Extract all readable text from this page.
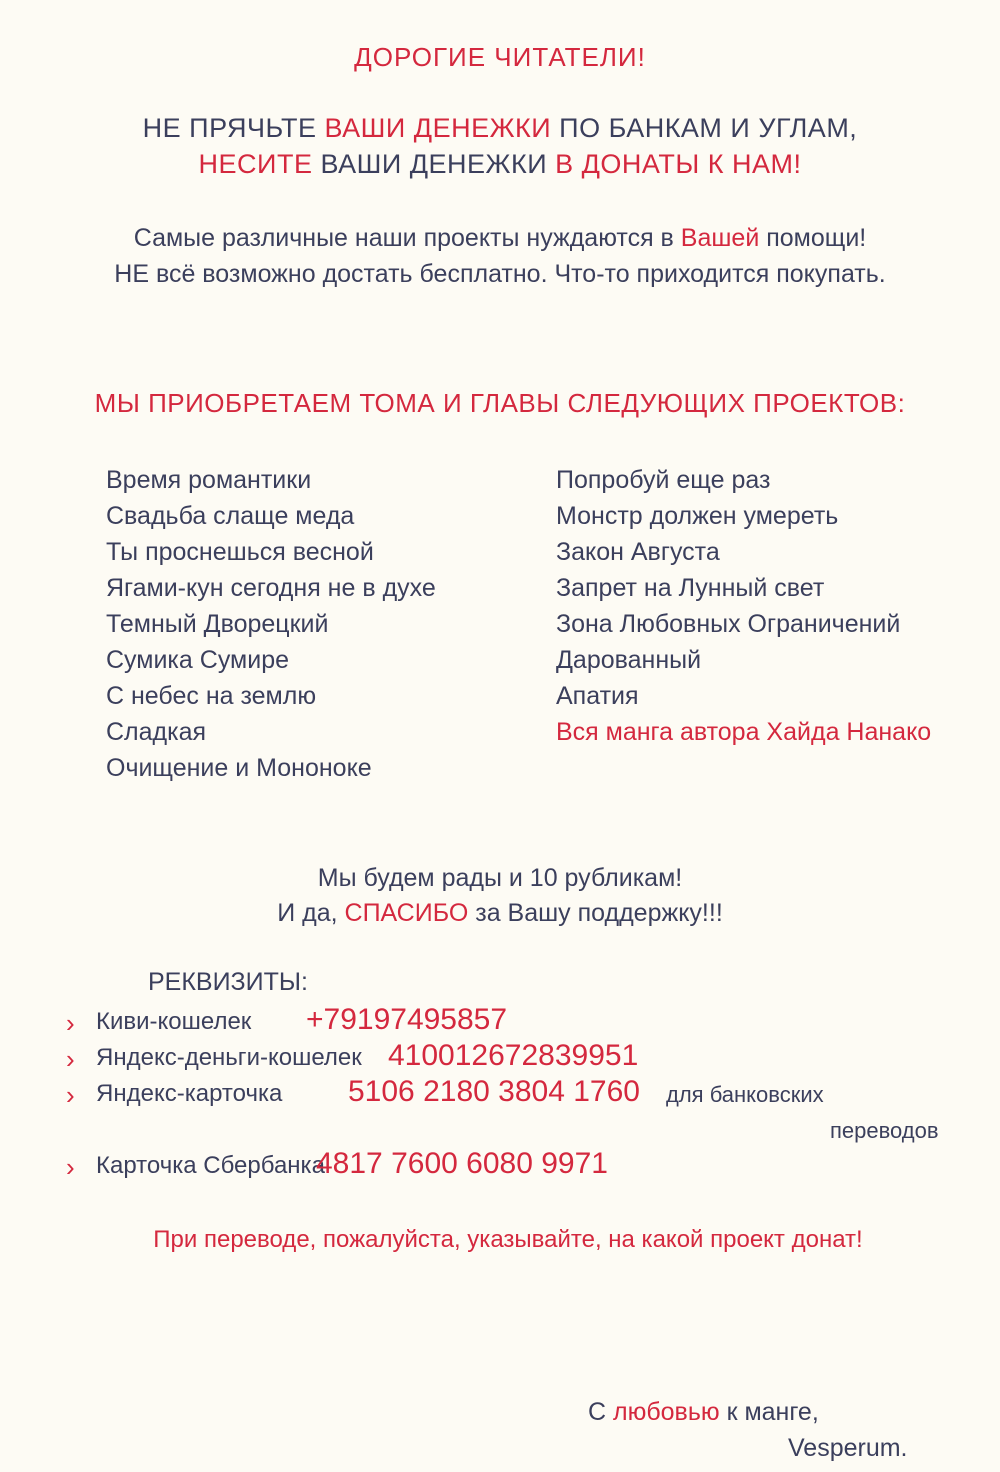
ДОРОГИЕ ЧИТАТЕЛИ!
НЕ ПРЯЧЬТЕ ВАШИ ДЕНЕЖКИ ПО БАНКАМ И УГЛАМ,
НЕСИТЕ ВАШИ ДЕНЕЖКИ В ДОНАТЫ К НАМ!
Самые различные наши проекты нуждаются в Вашей помощи!
НЕ всё возможно достать бесплатно. Что-то приходится покупать.
МЫ ПРИОБРЕТАЕМ ТОМА И ГЛАВЫ СЛЕДУЮЩИХ ПРОЕКТОВ:
Время романтики
Свадьба слаще меда
Ты проснешься весной
Ягами-кун сегодня не в духе
Темный Дворецкий
Сумика Сумире
С небес на землю
Сладкая
Очищение и Мононоке
Попробуй еще раз
Монстр должен умереть
Закон Августа
Запрет на Лунный свет
Зона Любовных Ограничений
Дарованный
Апатия
Вся манга автора Хайда Нанако
Мы будем рады и 10 рубликам!
И да, СПАСИБО за Вашу поддержку!!!
РЕКВИЗИТЫ:
› Киви-кошелек +79197495857
› Яндекс-деньги-кошелек 410012672839951
› Яндекс-карточка 5106 2180 3804 1760 для банковских
переводов
› Карточка Сбербанка
4817 7600 6080 9971
При переводе, пожалуйста, указывайте, на какой проект донат!
С любовью к манге,
Vesperum.
